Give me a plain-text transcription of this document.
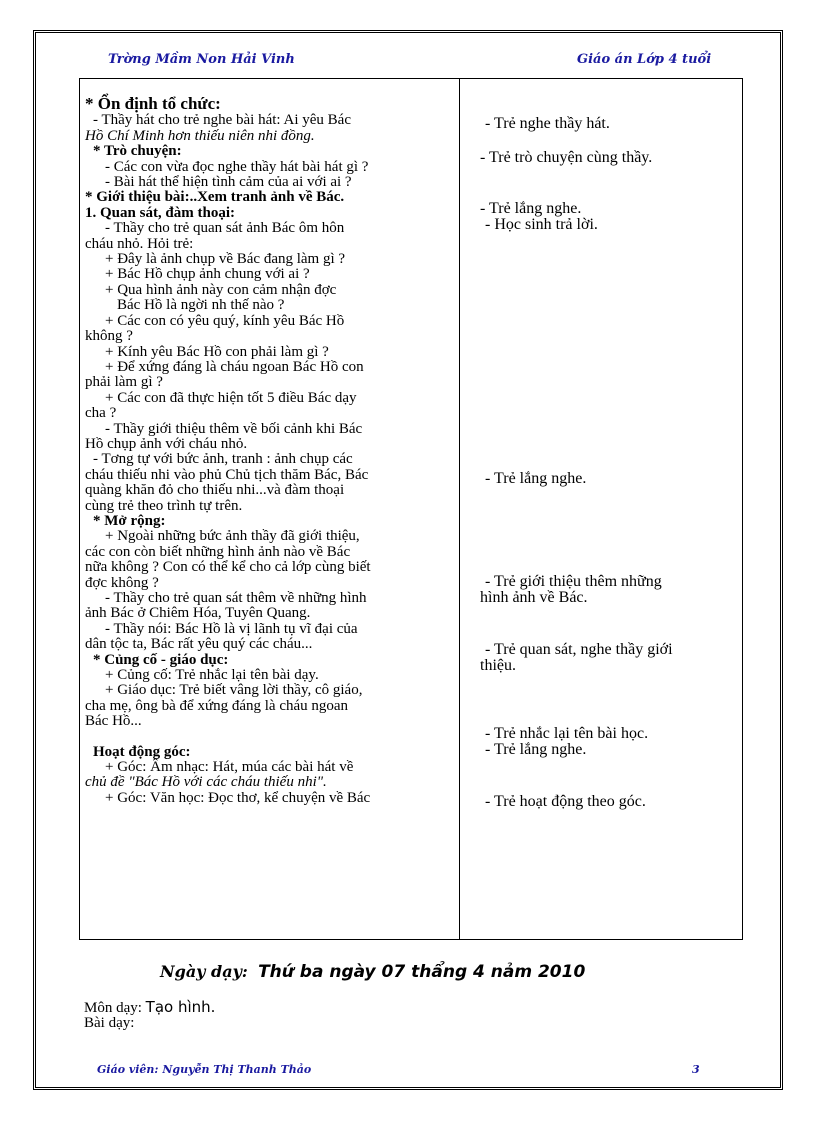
Trờng Mầm Non Hải Vinh	Giáo án Lớp 4 tuổi
* Ổn định tổ chức:
- Thầy hát cho trẻ nghe bài hát: Ai yêu Bác
Hồ Chí Minh hơn thiếu niên nhi đồng.
* Trò chuyện:
- Các con vừa đọc nghe thầy hát bài hát gì ?
- Bài hát thể hiện tình cảm của ai với ai ?
* Giới thiệu bài:..Xem tranh ảnh về Bác.
1. Quan sát, đàm thoại:
- Thầy cho trẻ quan sát ảnh Bác ôm hôn
cháu nhỏ. Hỏi trẻ:
+ Đây là ảnh chụp về Bác đang làm gì ?
+ Bác Hồ chụp ảnh chung với ai ?
+ Qua hình ảnh này con cảm nhận đợc
Bác Hồ là ngời nh thế nào ?
+ Các con có yêu quý, kính yêu Bác Hồ
không ?
+ Kính yêu Bác Hồ con phải làm gì ?
+ Để xứng đáng là cháu ngoan Bác Hồ con
phải làm gì ?
+ Các con đã thực hiện tốt 5 điều Bác dạy
cha ?
- Thầy giới thiệu thêm về bối cảnh khi Bác
Hồ chụp ảnh với cháu nhỏ.
- Tơng tự với bức ảnh, tranh : ảnh chụp các
cháu thiếu nhi vào phủ Chủ tịch thăm Bác, Bác
quàng khăn đỏ cho thiếu nhi...và đàm thoại
cùng trẻ theo trình tự trên.
* Mở rộng:
+ Ngoài những bức ảnh thầy đã giới thiệu,
các con còn biết những hình ảnh nào về Bác
nữa không ? Con có thể kể cho cả lớp cùng biết
đợc không ?
- Thầy cho trẻ quan sát thêm về những hình
ảnh Bác ở Chiêm Hóa, Tuyên Quang.
- Thầy nói: Bác Hồ là vị lãnh tụ vĩ đại của
dân tộc ta, Bác rất yêu quý các cháu...
* Củng cố - giáo dục:
+ Củng cố: Trẻ nhắc lại tên bài dạy.
+ Giáo dục: Trẻ biết vâng lời thầy, cô giáo,
cha mẹ, ông bà để xứng đáng là cháu ngoan
Bác Hồ...
Hoạt động góc:
+ Góc: Âm nhạc: Hát, múa các bài hát về
chủ đề "Bác Hồ với các cháu thiếu nhi".
+ Góc: Văn học: Đọc thơ, kể chuyện về Bác
- Trẻ nghe thầy hát.
- Trẻ trò chuyện cùng thầy.
- Trẻ lắng nghe.
- Học sinh trả lời.
- Trẻ lắng nghe.
- Trẻ giới thiệu thêm những
hình ảnh về Bác.
- Trẻ quan sát, nghe thầy giới
thiệu.
- Trẻ nhắc lại tên bài học.
- Trẻ lắng nghe.
- Trẻ hoạt động theo góc.
Ngày dạy: Thứ ba ngày 07 thẩng 4 nảm 2010
Môn dạy: Tạo hình.
Bài dạy:
Giáo viên: Nguyễn Thị Thanh Thảo	3
